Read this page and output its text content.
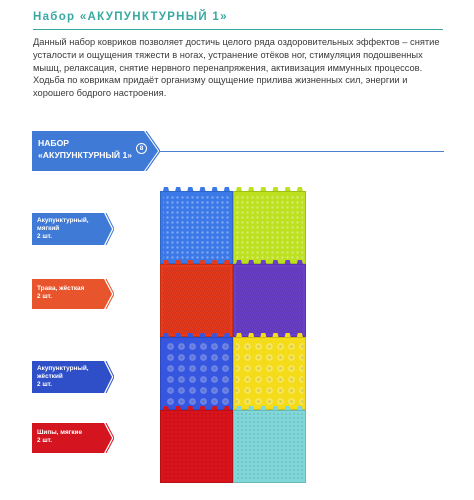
Набор «АКУПУНКТУРНЫЙ 1»

Данный набор ковриков позволяет достичь целого ряда оздоровительных эффектов – снятие усталости и ощущения тяжести в ногах, устранение отёков ног, стимуляция подошвенных мышц, релаксация, снятие нервного перенапряжения, активизация иммунных процессов. Ходьба по коврикам придаёт организму ощущение прилива жизненных сил, энергии и хорошего бодрого настроения.

НАБОР
«АКУПУНКТУРНЫЙ 1»
8
Акупунктурный,
мягкий
2 шт.
Трава, жёсткая
2 шт.
Акупунктурный,
жёсткий
2 шт.
Шипы, мягкие
2 шт.
